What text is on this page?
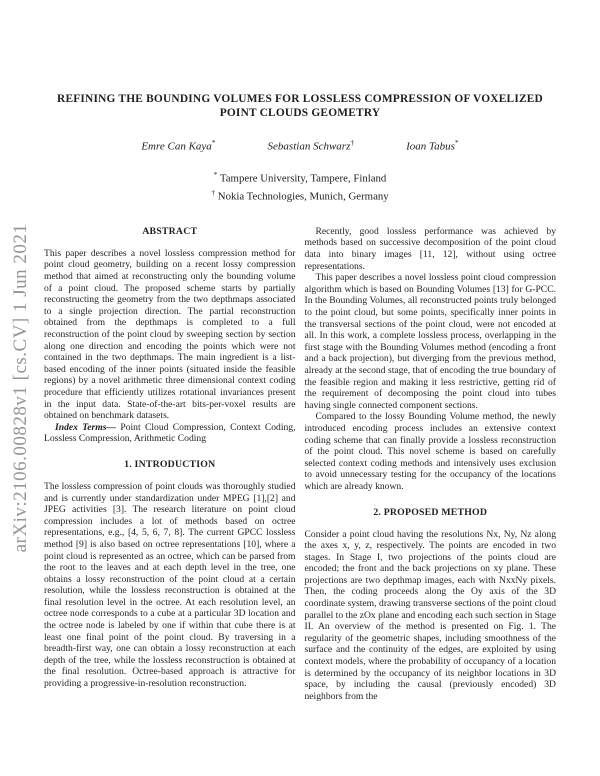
arXiv:2106.00828v1 [cs.CV] 1 Jun 2021
REFINING THE BOUNDING VOLUMES FOR LOSSLESS COMPRESSION OF VOXELIZED
POINT CLOUDS GEOMETRY
Emre Can Kaya*	Sebastian Schwarz†	Ioan Tabus*
* Tampere University, Tampere, Finland
† Nokia Technologies, Munich, Germany
ABSTRACT

This paper describes a novel lossless compression method for point cloud geometry, building on a recent lossy compression method that aimed at reconstructing only the bounding volume of a point cloud. The proposed scheme starts by partially reconstructing the geometry from the two depthmaps associated to a single projection direction. The partial reconstruction obtained from the depthmaps is completed to a full reconstruction of the point cloud by sweeping section by section along one direction and encoding the points which were not contained in the two depthmaps. The main ingredient is a list-based encoding of the inner points (situated inside the feasible regions) by a novel arithmetic three dimensional context coding procedure that efficiently utilizes rotational invariances present in the input data. State-of-the-art bits-per-voxel results are obtained on benchmark datasets.

Index Terms— Point Cloud Compression, Context Coding, Lossless Compression, Arithmetic Coding

1. INTRODUCTION

The lossless compression of point clouds was thoroughly studied and is currently under standardization under MPEG [1],[2] and JPEG activities [3]. The research literature on point cloud compression includes a lot of methods based on octree representations, e.g., [4, 5, 6, 7, 8]. The current GPCC lossless method [9] is also based on octree representations [10], where a point cloud is represented as an octree, which can be parsed from the root to the leaves and at each depth level in the tree, one obtains a lossy reconstruction of the point cloud at a certain resolution, while the lossless reconstruction is obtained at the final resolution level in the octree. At each resolution level, an octree node corresponds to a cube at a particular 3D location and the octree node is labeled by one if within that cube there is at least one final point of the point cloud. By traversing in a breadth-first way, one can obtain a lossy reconstruction at each depth of the tree, while the lossless reconstruction is obtained at the final resolution. Octree-based approach is attractive for providing a progressive-in-resolution reconstruction.

Recently, good lossless performance was achieved by methods based on successive decomposition of the point cloud data into binary images [11, 12], without using octree representations.

This paper describes a novel lossless point cloud compression algorithm which is based on Bounding Volumes [13] for G-PCC. In the Bounding Volumes, all reconstructed points truly belonged to the point cloud, but some points, specifically inner points in the transversal sections of the point cloud, were not encoded at all. In this work, a complete lossless process, overlapping in the first stage with the Bounding Volumes method (encoding a front and a back projection), but diverging from the previous method, already at the second stage, that of encoding the true boundary of the feasible region and making it less restrictive, getting rid of the requirement of decomposing the point cloud into tubes having single connected component sections.

Compared to the lossy Bounding Volume method, the newly introduced encoding process includes an extensive context coding scheme that can finally provide a lossless reconstruction of the point cloud. This novel scheme is based on carefully selected context coding methods and intensively uses exclusion to avoid unnecessary testing for the occupancy of the locations which are already known.

2. PROPOSED METHOD

Consider a point cloud having the resolutions Nx, Ny, Nz along the axes x, y, z, respectively. The points are encoded in two stages. In Stage I, two projections of the points cloud are encoded; the front and the back projections on xy plane. These projections are two depthmap images, each with NxxNy pixels. Then, the coding proceeds along the Oy axis of the 3D coordinate system, drawing transverse sections of the point cloud parallel to the zOx plane and encoding each such section in Stage II. An overview of the method is presented on Fig. 1. The regularity of the geometric shapes, including smoothness of the surface and the continuity of the edges, are exploited by using context models, where the probability of occupancy of a location is determined by the occupancy of its neighbor locations in 3D space, by including the causal (previously encoded) 3D neighbors from the
